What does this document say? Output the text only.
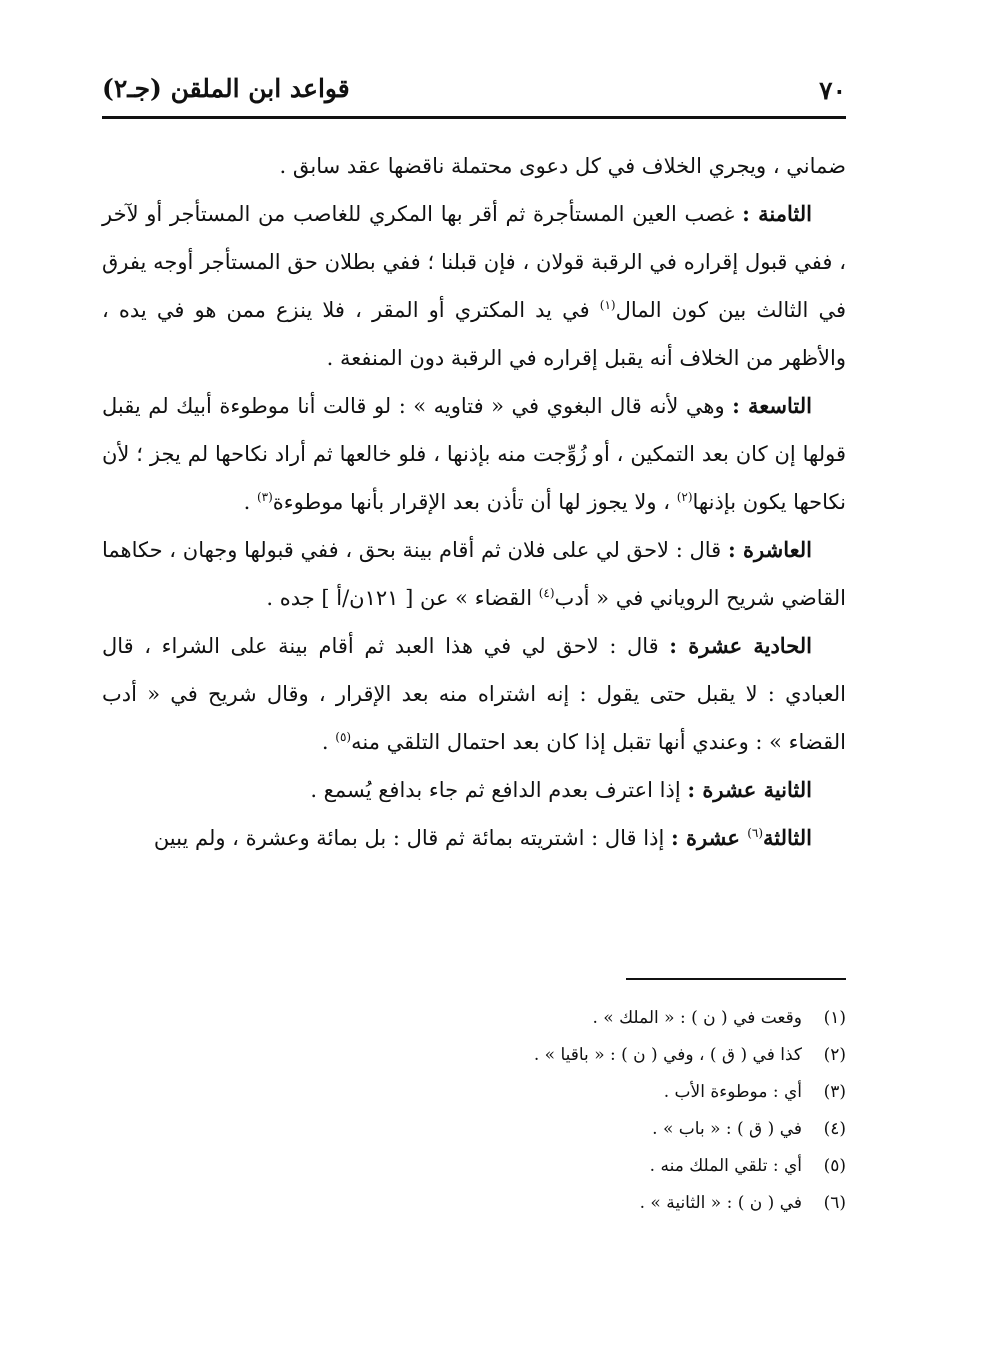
٧٠
قواعد ابن الملقن (جـ٢)

ضماني ، ويجري الخلاف في كل دعوى محتملة ناقضها عقد سابق .

الثامنة : غصب العين المستأجرة ثم أقر بها المكري للغاصب من المستأجر أو لآخر ، ففي قبول إقراره في الرقبة قولان ، فإن قبلنا ؛ ففي بطلان حق المستأجر أوجه يفرق في الثالث بين كون المال$^{(١)}$ في يد المكتري أو المقر ، فلا ينزع ممن هو في يده ، والأظهر من الخلاف أنه يقبل إقراره في الرقبة دون المنفعة .

التاسعة : وهي لأنه قال البغوي في « فتاويه » : لو قالت أنا موطوءة أبيك لم يقبل قولها إن كان بعد التمكين ، أو زُوِّجت منه بإذنها ، فلو خالعها ثم أراد نكاحها لم يجز ؛ لأن نكاحها يكون بإذنها$^{(٢)}$ ، ولا يجوز لها أن تأذن بعد الإقرار بأنها موطوءة$^{(٣)}$ .

العاشرة : قال : لاحق لي على فلان ثم أقام بينة بحق ، ففي قبولها وجهان ، حكاهما القاضي شريح الروياني في « أدب$^{(٤)}$ القضاء » عن [ ١٢١ن/أ ] جده .

الحادية عشرة : قال : لاحق لي في هذا العبد ثم أقام بينة على الشراء ، قال العبادي : لا يقبل حتى يقول : إنه اشتراه منه بعد الإقرار ، وقال شريح في « أدب القضاء » : وعندي أنها تقبل إذا كان بعد احتمال التلقي منه$^{(٥)}$ .

الثانية عشرة : إذا اعترف بعدم الدافع ثم جاء بدافع يُسمع .

الثالثة$^{(٦)}$ عشرة : إذا قال : اشتريته بمائة ثم قال : بل بمائة وعشرة ، ولم يبين

(١)
وقعت في ( ن ) : « الملك » .
(٢)
كذا في ( ق ) ، وفي ( ن ) : « باقيا » .
(٣)
أي : موطوءة الأب .
(٤)
في ( ق ) : « باب » .
(٥)
أي : تلقي الملك منه .
(٦)
في ( ن ) : « الثانية » .
